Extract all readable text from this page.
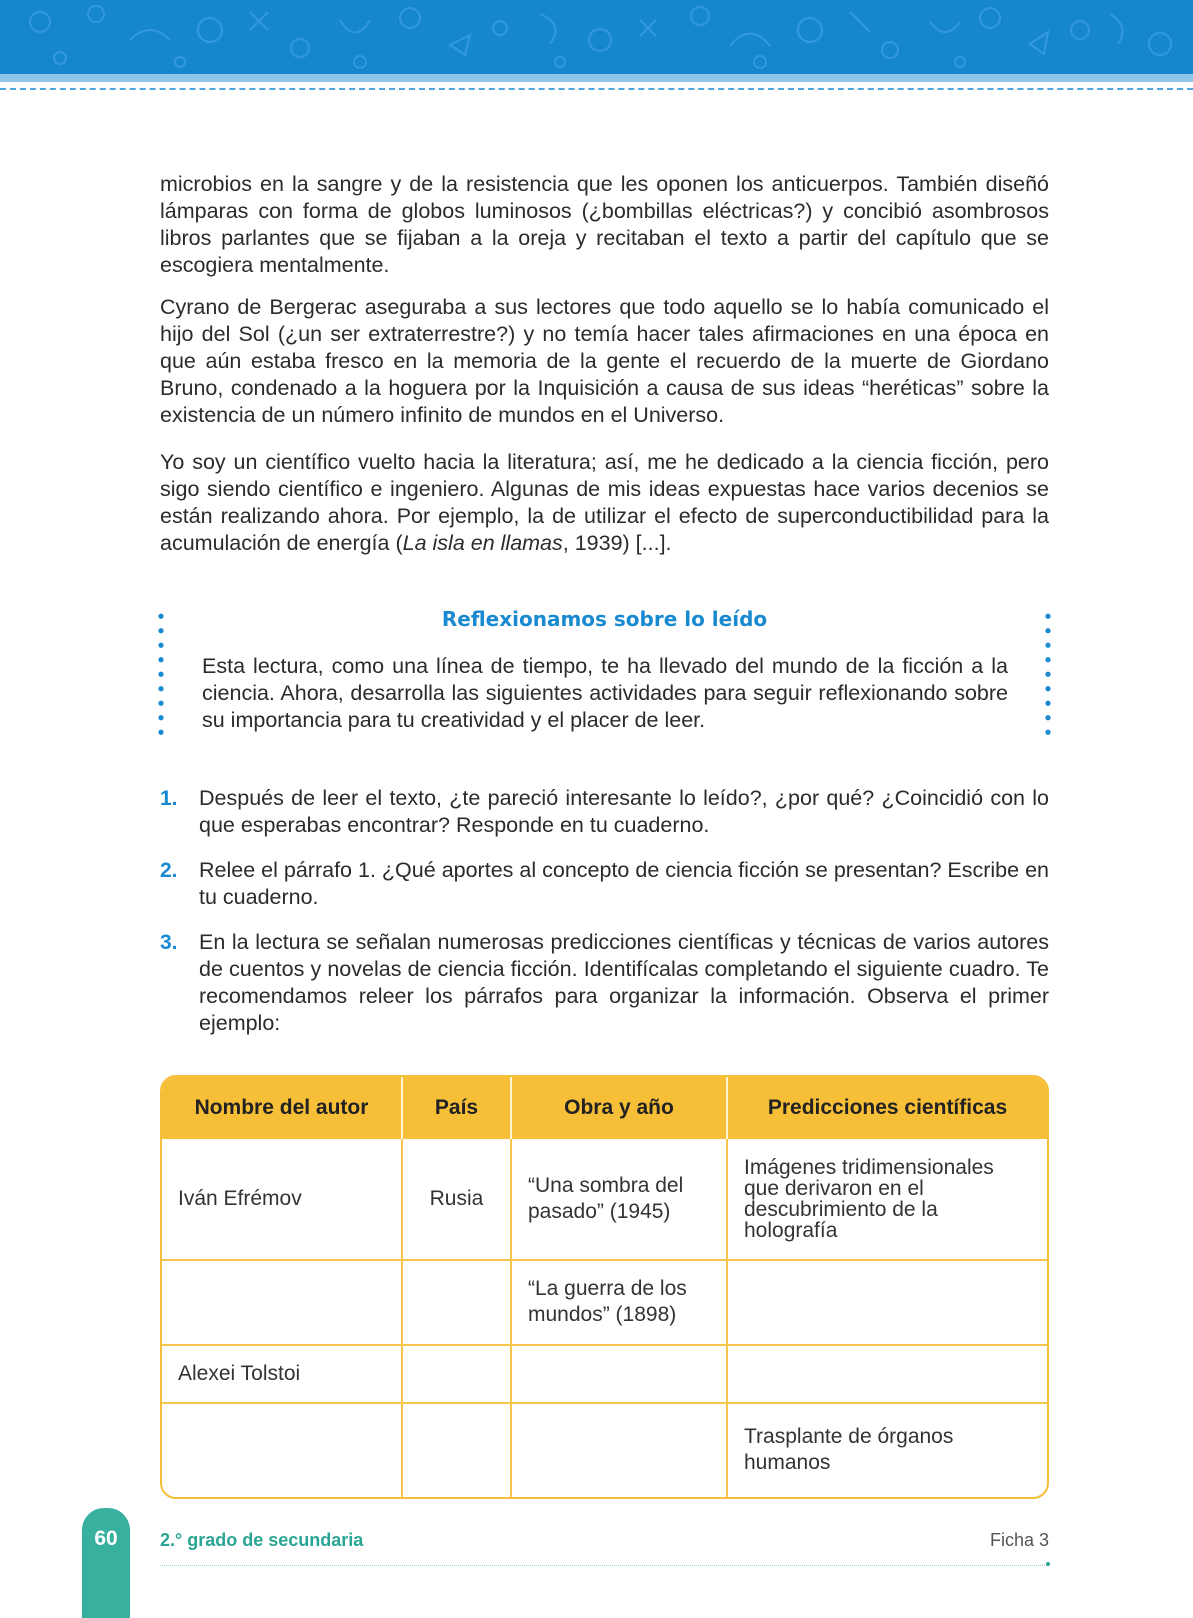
microbios en la sangre y de la resistencia que les oponen los anticuerpos. También diseñó lámparas con forma de globos luminosos (¿bombillas eléctricas?) y concibió asombrosos libros parlantes que se fijaban a la oreja y recitaban el texto a partir del capítulo que se escogiera mentalmente.

Cyrano de Bergerac aseguraba a sus lectores que todo aquello se lo había comunicado el hijo del Sol (¿un ser extraterrestre?) y no temía hacer tales afirmaciones en una época en que aún estaba fresco en la memoria de la gente el recuerdo de la muerte de Giordano Bruno, condenado a la hoguera por la Inquisición a causa de sus ideas “heréticas” sobre la existencia de un número infinito de mundos en el Universo.

Yo soy un científico vuelto hacia la literatura; así, me he dedicado a la ciencia ficción, pero sigo siendo científico e ingeniero. Algunas de mis ideas expuestas hace varios decenios se están realizando ahora. Por ejemplo, la de utilizar el efecto de superconductibilidad para la acumulación de energía (La isla en llamas, 1939) [...].

Reflexionamos sobre lo leído
Esta lectura, como una línea de tiempo, te ha llevado del mundo de la ficción a la ciencia. Ahora, desarrolla las siguientes actividades para seguir reflexionando sobre su importancia para tu creatividad y el placer de leer.
1. Después de leer el texto, ¿te pareció interesante lo leído?, ¿por qué? ¿Coincidió con lo que esperabas encontrar? Responde en tu cuaderno.
2. Relee el párrafo 1. ¿Qué aportes al concepto de ciencia ficción se presentan? Escribe en tu cuaderno.
3. En la lectura se señalan numerosas predicciones científicas y técnicas de varios autores de cuentos y novelas de ciencia ficción. Identifícalas completando el siguiente cuadro. Te recomendamos releer los párrafos para organizar la información. Observa el primer ejemplo:
Nombre del autor	País	Obra y año	Predicciones científicas
Iván Efrémov	Rusia	“Una sombra del pasado” (1945)	Imágenes tridimensionales que derivaron en el descubrimiento de la holografía
		“La guerra de los mundos” (1898)	
Alexei Tolstoi			
			Trasplante de órganos humanos
60	2.° grado de secundaria	Ficha 3
